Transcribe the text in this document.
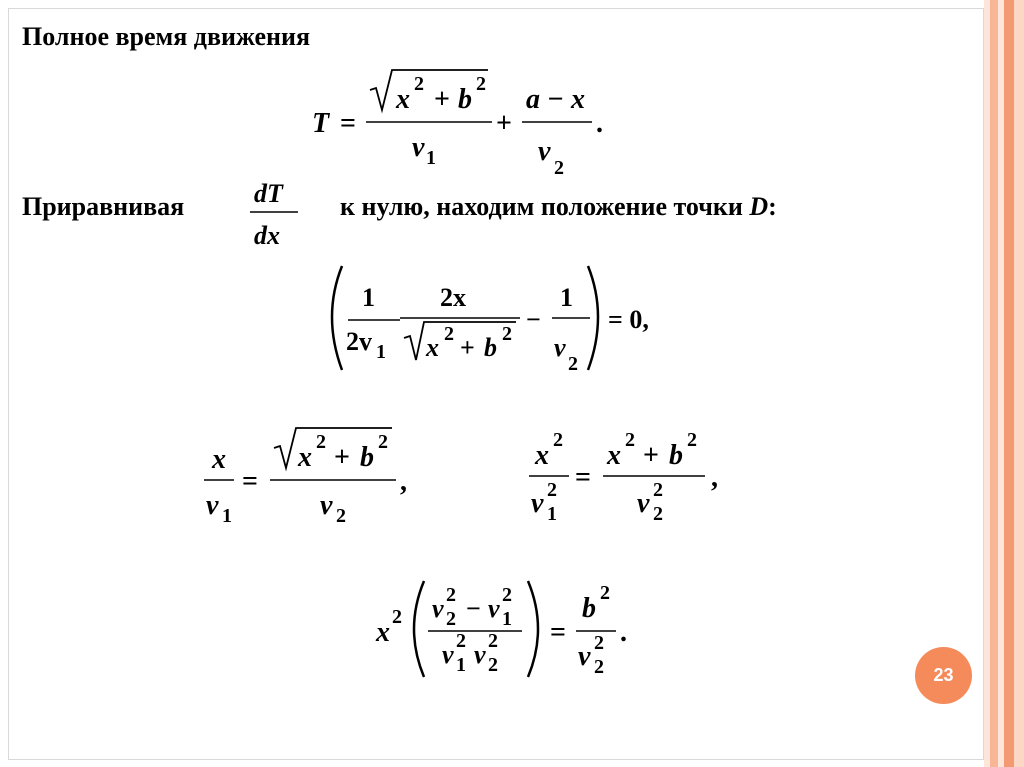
Полное время движения
T =
x 2 + b 2
v 1
+
a − x
v
2
.
Приравнивая	dT
dx
к нулю, находим положение точки D:
1
2v 1
2x
x 2 + b 2 −
1
v
2
= 0,
x
v 1
=
x 2 + b 2
v 2
,
x 2
v 2
1
=
x 2 + b 2
v 2
2
,
x 2 v 2
2 − v 2
1
v 2
1 v 2
2
=
b 2
v 2
2
.
23
